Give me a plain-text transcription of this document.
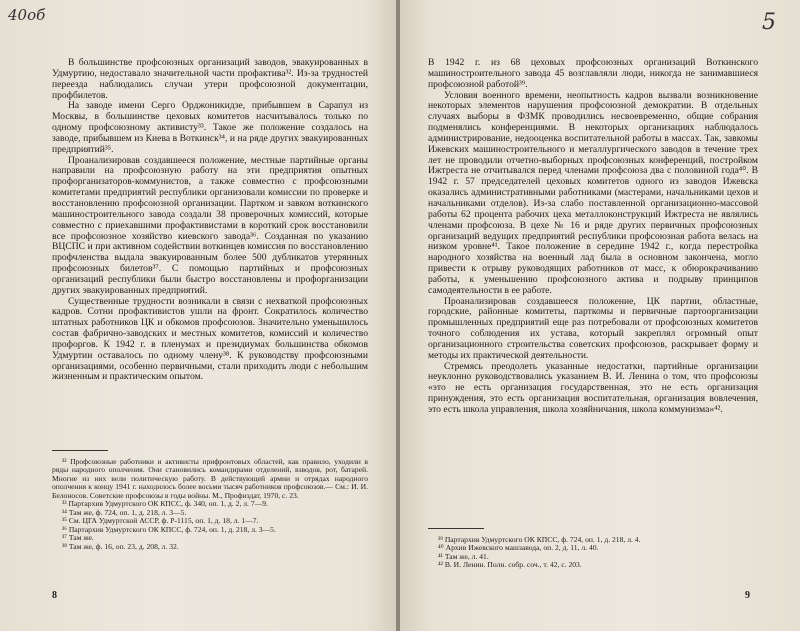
40об

В большинстве профсоюзных организаций заводов, эвакуированных в Удмуртию, недоставало значительной части профактива³². Из-за трудностей переезда наблюдались случаи утери профсоюзной документации, профбилетов.

На заводе имени Серго Орджоникидзе, прибывшем в Сарапул из Москвы, в большинстве цеховых комитетов насчитывалось только по одному профсоюзному активисту³³. Такое же положение создалось на заводе, прибывшем из Киева в Воткинск³⁴, и на ряде других эвакуированных предприятий³⁵.

Проанализировав создавшееся положение, местные партийные органы направили на профсоюзную работу на эти предприятия опытных профорганизаторов-коммунистов, а также совместно с профсоюзными комитетами предприятий республики организовали комиссии по проверке и восстановлению профсоюзной организации. Партком и завком воткинского машиностроительного завода создали 38 проверочных комиссий, которые совместно с приехавшими профактивистами в короткий срок восстановили все профсоюзное хозяйство киевского завода³⁶. Созданная по указанию ВЦСПС и при активном содействии воткинцев комиссия по восстановлению профчленства выдала эвакуированным более 500 дубликатов утерянных профсоюзных билетов³⁷. С помощью партийных и профсоюзных организаций республики были быстро восстановлены и профорганизации других эвакуированных предприятий.

Существенные трудности возникали в связи с нехваткой профсоюзных кадров. Сотни профактивистов ушли на фронт. Сократилось количество штатных работников ЦК и обкомов профсоюзов. Значительно уменьшилось состав фабрично-заводских и местных комитетов, комиссий и количество профоргов. К 1942 г. в пленумах и президиумах большинства обкомов Удмуртии оставалось по одному члену³⁸. К руководству профсоюзными организациями, особенно первичными, стали приходить люди с небольшим жизненным и практическим опытом.

³² Профсоюзные работники и активисты прифронтовых областей, как правило, уходили в ряды народного ополчения. Они становились командирами отделений, взводов, рот, батарей. Многие из них вели политическую работу. В действующей армии и отрядах народного ополчения к концу 1941 г. находилось более восьми тысяч работников профсоюзов.— См.: И. И. Белоносов. Советские профсоюзы в годы войны. М., Профиздат, 1970, с. 23.

³³ Партархив Удмуртского ОК КПСС, ф. 340, оп. 1, д. 2, л. 7—9.

³⁴ Там же, ф. 724, оп. 1, д. 218, л. 3—5.

³⁵ См. ЦГА Удмуртской АССР, ф. Р-1115, оп. 1, д. 18, л. 1—7.

³⁶ Партархив Удмуртского ОК КПСС, ф. 724, оп. 1, д. 218, л. 3—5.

³⁷ Там же.

³⁸ Там же, ф. 16, оп. 23, д. 208, л. 32.

8
5

В 1942 г. из 68 цеховых профсоюзных организаций Воткинского машиностроительного завода 45 возглавляли люди, никогда не занимавшиеся профсоюзной работой³⁹.

Условия военного времени, неопытность кадров вызвали возникновение некоторых элементов нарушения профсоюзной демократии. В отдельных случаях выборы в ФЗМК проводились несвоевременно, общие собрания подменялись конференциями. В некоторых организациях наблюдалось администрирование, недооценка воспитательной работы в массах. Так, завкомы Ижевских машиностроительного и металлургического заводов в течение трех лет не проводили отчетно-выборных профсоюзных конференций, постройком Ижтреста не отчитывался перед членами профсоюза два с половиной года⁴⁰. В 1942 г. 57 председателей цеховых комитетов одного из заводов Ижевска оказались административными работниками (мастерами, начальниками цехов и начальниками отделов). Из-за слабо поставленной организационно-массовой работы 62 процента рабочих цеха металлоконструкций Ижтреста не являлись членами профсоюза. В цехе № 16 и ряде других первичных профсоюзных организаций ведущих предприятий республики профсоюзная работа велась на низком уровне⁴¹. Такое положение в середине 1942 г., когда перестройка народного хозяйства на военный лад была в основном закончена, могло привести к отрыву руководящих работников от масс, к обюрокрачиванию работы, к уменьшению профсоюзного актива и подрыву принципов самодеятельности в ее работе.

Проанализировав создавшееся положение, ЦК партии, областные, городские, районные комитеты, парткомы и первичные партоорганизации промышленных предприятий еще раз потребовали от профсоюзных комитетов точного соблюдения их устава, который закреплял огромный опыт организационного строительства советских профсоюзов, раскрывает форму и методы их практической деятельности.

Стремясь преодолеть указанные недостатки, партийные организации неуклонно руководствовались указанием В. И. Ленина о том, что профсоюзы «это не есть организация государственная, это не есть организация принуждения, это есть организация воспитательная, организация вовлечения, это есть школа управления, школа хозяйничания, школа коммунизма»⁴².

³⁹ Партархив Удмуртского ОК КПСС, ф. 724, оп. 1, д. 218, л. 4.

⁴⁰ Архив Ижевского машзавода, оп. 2, д. 11, л. 40.

⁴¹ Там же, л. 41.

⁴² В. И. Ленин. Полн. собр. соч., т. 42, с. 203.

9
